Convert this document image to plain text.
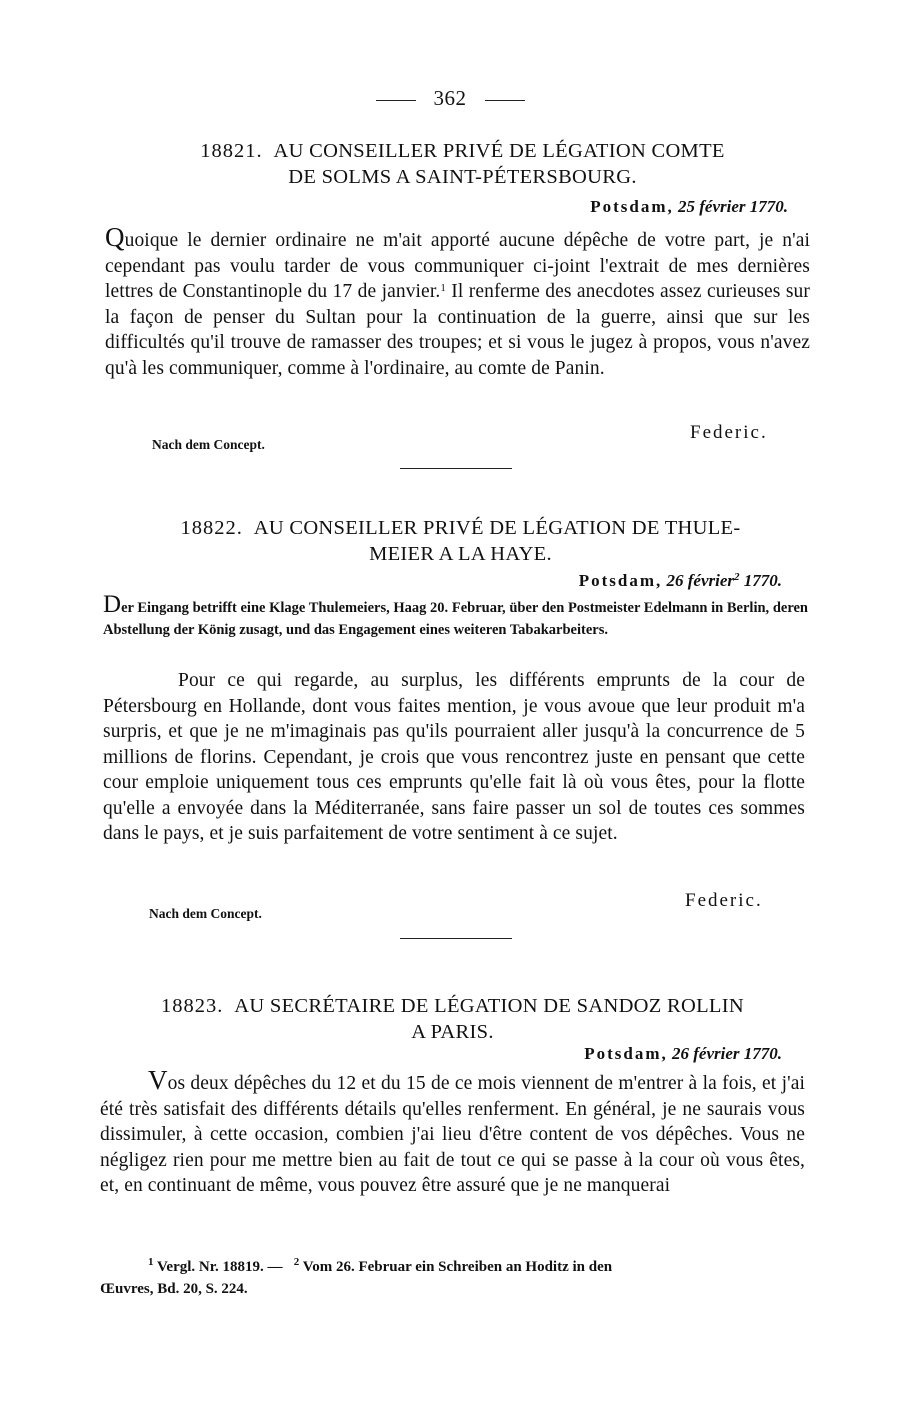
362
18821. AU CONSEILLER PRIVÉ DE LÉGATION COMTE
DE SOLMS A SAINT-PÉTERSBOURG.
Potsdam, 25 février 1770.
Quoique le dernier ordinaire ne m'ait apporté aucune dépêche de votre part, je n'ai cependant pas voulu tarder de vous communiquer ci-joint l'extrait de mes dernières lettres de Constantinople du 17 de janvier.$^1$ Il renferme des anecdotes assez curieuses sur la façon de penser du Sultan pour la continuation de la guerre, ainsi que sur les difficultés qu'il trouve de ramasser des troupes; et si vous le jugez à propos, vous n'avez qu'à les communiquer, comme à l'ordinaire, au comte de Panin.
Federic.
Nach dem Concept.
18822. AU CONSEILLER PRIVÉ DE LÉGATION DE THULE-
MEIER A LA HAYE.
Potsdam, 26 février$^2$ 1770.
Der Eingang betrifft eine Klage Thulemeiers, Haag 20. Februar, über den Postmeister Edelmann in Berlin, deren Abstellung der König zusagt, und das Engagement eines weiteren Tabakarbeiters.
Pour ce qui regarde, au surplus, les différents emprunts de la cour de Pétersbourg en Hollande, dont vous faites mention, je vous avoue que leur produit m'a surpris, et que je ne m'imaginais pas qu'ils pourraient aller jusqu'à la concurrence de 5 millions de florins. Cependant, je crois que vous rencontrez juste en pensant que cette cour emploie uniquement tous ces emprunts qu'elle fait là où vous êtes, pour la flotte qu'elle a envoyée dans la Méditerranée, sans faire passer un sol de toutes ces sommes dans le pays, et je suis parfaitement de votre sentiment à ce sujet.
Federic.
Nach dem Concept.
18823. AU SECRÉTAIRE DE LÉGATION DE SANDOZ ROLLIN
A PARIS.
Potsdam, 26 février 1770.
Vos deux dépêches du 12 et du 15 de ce mois viennent de m'entrer à la fois, et j'ai été très satisfait des différents détails qu'elles renferment. En général, je ne saurais vous dissimuler, à cette occasion, combien j'ai lieu d'être content de vos dépêches. Vous ne négligez rien pour me mettre bien au fait de tout ce qui se passe à la cour où vous êtes, et, en continuant de même, vous pouvez être assuré que je ne manquerai
$^1$ Vergl. Nr. 18819. — $^2$ Vom 26. Februar ein Schreiben an Hoditz in den
Œuvres, Bd. 20, S. 224.
